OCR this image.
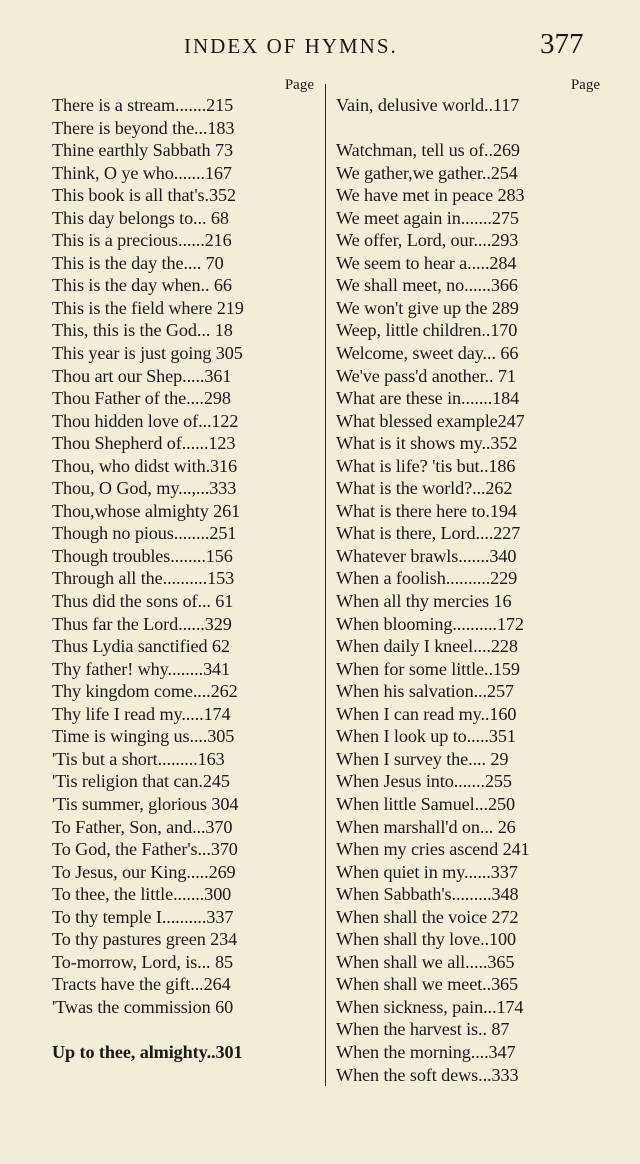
INDEX OF HYMNS.	377
Page
There is a stream.......215
There is beyond the...183
Thine earthly Sabbath 73
Think, O ye who.......167
This book is all that's.352
This day belongs to... 68
This is a precious......216
This is the day the.... 70
This is the day when.. 66
This is the field where 219
This, this is the God... 18
This year is just going 305
Thou art our Shep.....361
Thou Father of the....298
Thou hidden love of...122
Thou Shepherd of......123
Thou, who didst with.316
Thou, O God, my...,...333
Thou,whose almighty 261
Though no pious........251
Though troubles........156
Through all the..........153
Thus did the sons of... 61
Thus far the Lord......329
Thus Lydia sanctified 62
Thy father! why........341
Thy kingdom come....262
Thy life I read my.....174
Time is winging us....305
'Tis but a short.........163
'Tis religion that can.245
'Tis summer, glorious 304
To Father, Son, and...370
To God, the Father's...370
To Jesus, our King.....269
To thee, the little.......300
To thy temple I..........337
To thy pastures green 234
To-morrow, Lord, is... 85
Tracts have the gift...264
'Twas the commission 60
Up to thee, almighty..301
Page
Vain, delusive world..117
Watchman, tell us of..269
We gather,we gather..254
We have met in peace 283
We meet again in.......275
We offer, Lord, our....293
We seem to hear a.....284
We shall meet, no......366
We won't give up the 289
Weep, little children..170
Welcome, sweet day... 66
We've pass'd another.. 71
What are these in.......184
What blessed example247
What is it shows my..352
What is life? 'tis but..186
What is the world?...262
What is there here to.194
What is there, Lord....227
Whatever brawls.......340
When a foolish..........229
When all thy mercies 16
When blooming..........172
When daily I kneel....228
When for some little..159
When his salvation...257
When I can read my..160
When I look up to.....351
When I survey the.... 29
When Jesus into.......255
When little Samuel...250
When marshall'd on... 26
When my cries ascend 241
When quiet in my......337
When Sabbath's.........348
When shall the voice 272
When shall thy love..100
When shall we all.....365
When shall we meet..365
When sickness, pain...174
When the harvest is.. 87
When the morning....347
When the soft dews...333
